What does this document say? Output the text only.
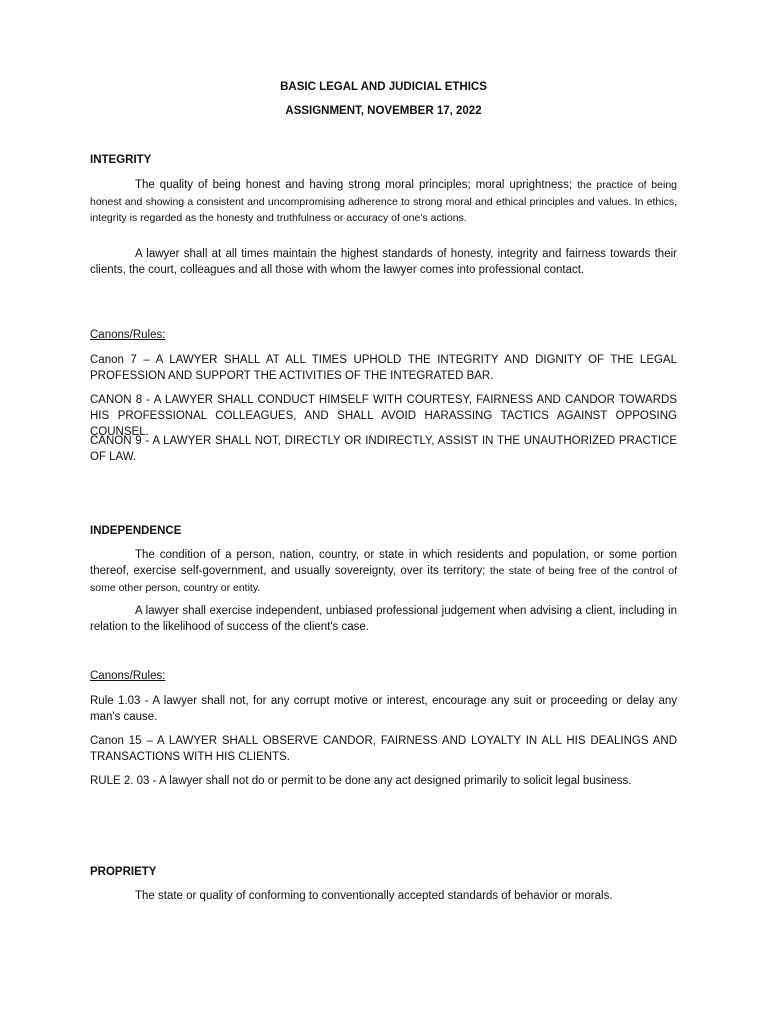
BASIC LEGAL AND JUDICIAL ETHICS

ASSIGNMENT, NOVEMBER 17, 2022

INTEGRITY

The quality of being honest and having strong moral principles; moral uprightness; the practice of being honest and showing a consistent and uncompromising adherence to strong moral and ethical principles and values. In ethics, integrity is regarded as the honesty and truthfulness or accuracy of one's actions.

A lawyer shall at all times maintain the highest standards of honesty, integrity and fairness towards their clients, the court, colleagues and all those with whom the lawyer comes into professional contact.

Canons/Rules:

Canon 7 – A LAWYER SHALL AT ALL TIMES UPHOLD THE INTEGRITY AND DIGNITY OF THE LEGAL PROFESSION AND SUPPORT THE ACTIVITIES OF THE INTEGRATED BAR.

CANON 8 - A LAWYER SHALL CONDUCT HIMSELF WITH COURTESY, FAIRNESS AND CANDOR TOWARDS HIS PROFESSIONAL COLLEAGUES, AND SHALL AVOID HARASSING TACTICS AGAINST OPPOSING COUNSEL.

CANON 9 - A LAWYER SHALL NOT, DIRECTLY OR INDIRECTLY, ASSIST IN THE UNAUTHORIZED PRACTICE OF LAW.

INDEPENDENCE

The condition of a person, nation, country, or state in which residents and population, or some portion thereof, exercise self-government, and usually sovereignty, over its territory; the state of being free of the control of some other person, country or entity.

A lawyer shall exercise independent, unbiased professional judgement when advising a client, including in relation to the likelihood of success of the client's case.

Canons/Rules:

Rule 1.03 - A lawyer shall not, for any corrupt motive or interest, encourage any suit or proceeding or delay any man's cause.

Canon 15 – A LAWYER SHALL OBSERVE CANDOR, FAIRNESS AND LOYALTY IN ALL HIS DEALINGS AND TRANSACTIONS WITH HIS CLIENTS.

RULE 2. 03 - A lawyer shall not do or permit to be done any act designed primarily to solicit legal business.

PROPRIETY

The state or quality of conforming to conventionally accepted standards of behavior or morals.
